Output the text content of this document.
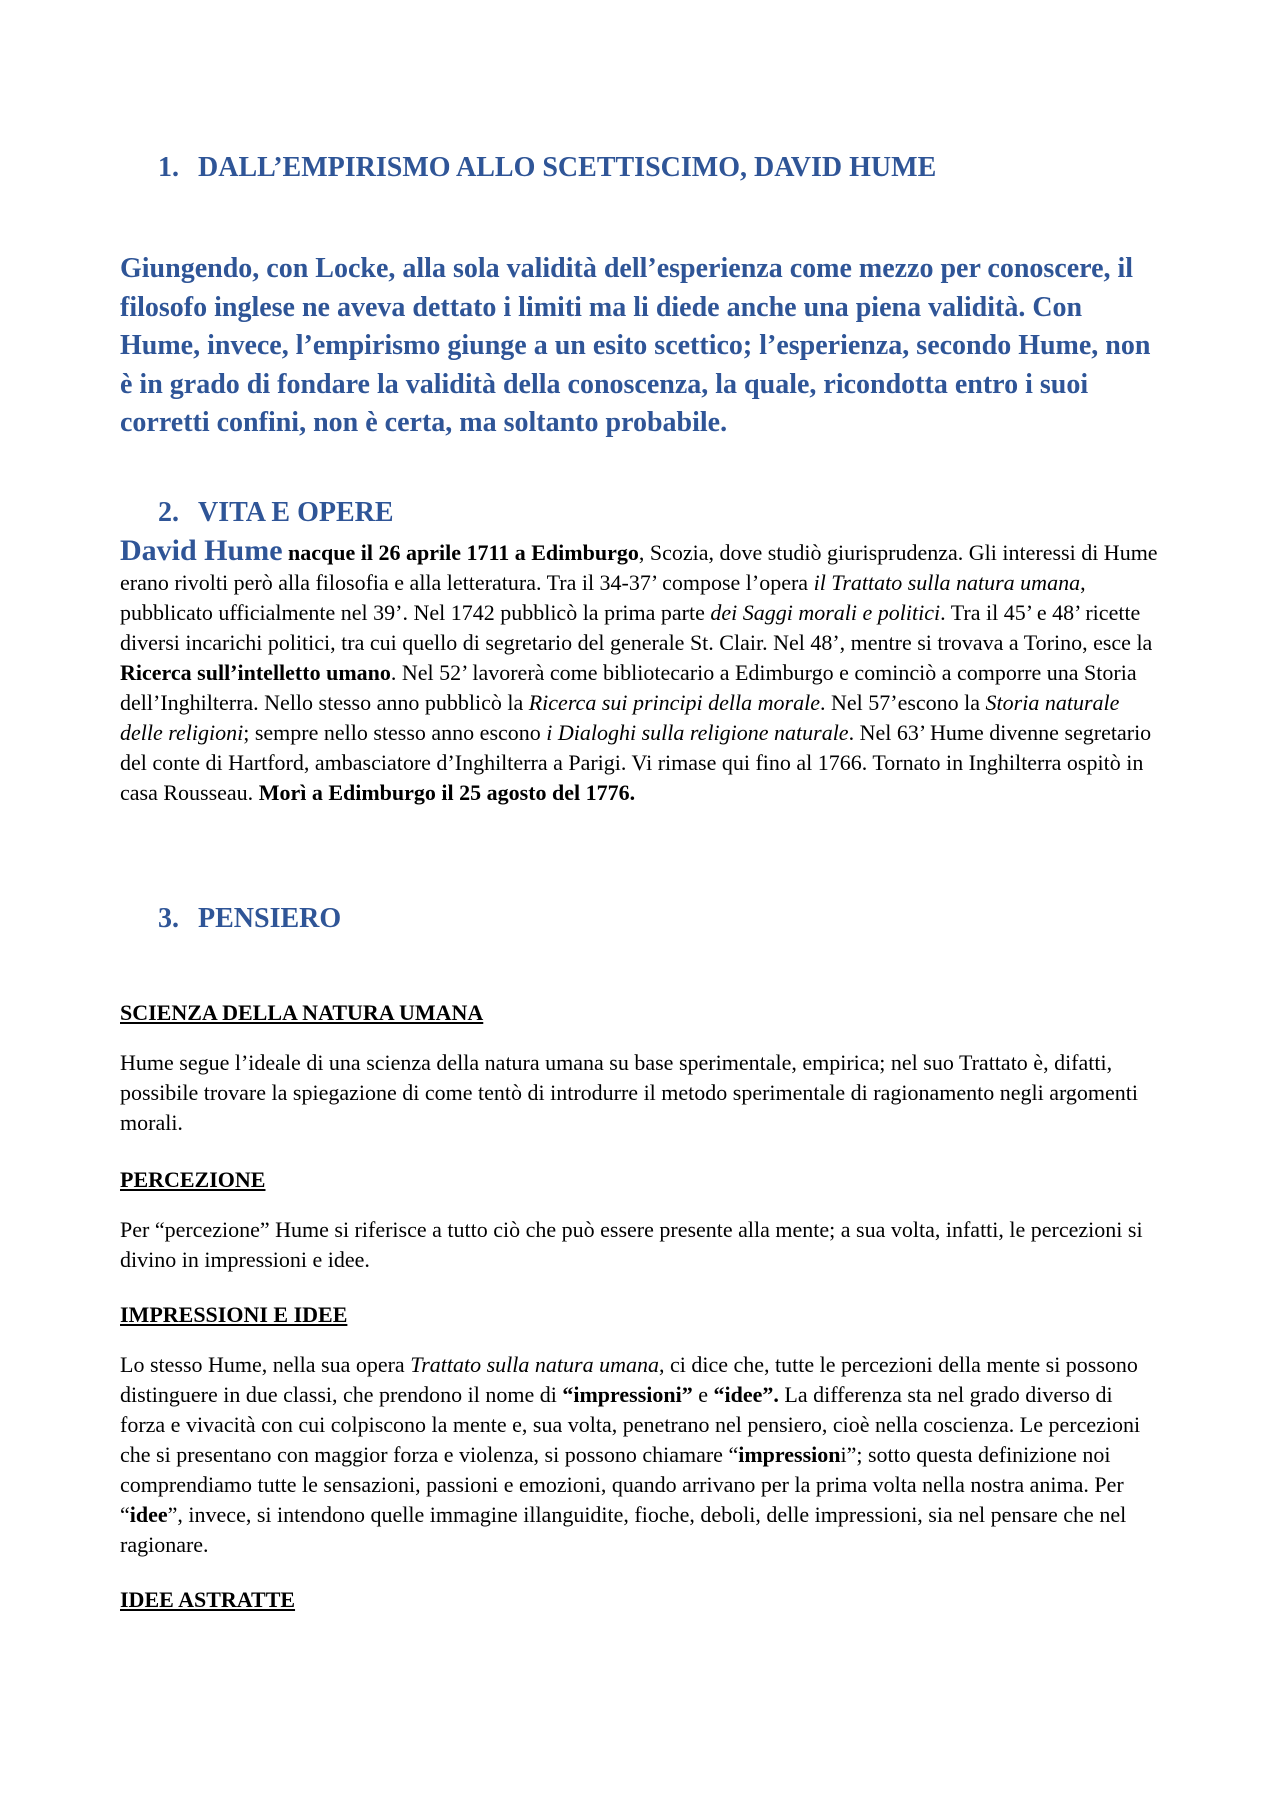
1. DALL’EMPIRISMO ALLO SCETTISCIMO, DAVID HUME

Giungendo, con Locke, alla sola validità dell’esperienza come mezzo per conoscere, il filosofo inglese ne aveva dettato i limiti ma li diede anche una piena validità. Con Hume, invece, l’empirismo giunge a un esito scettico; l’esperienza, secondo Hume, non è in grado di fondare la validità della conoscenza, la quale, ricondotta entro i suoi corretti confini, non è certa, ma soltanto probabile.

2. VITA E OPERE

David Hume nacque il 26 aprile 1711 a Edimburgo, Scozia, dove studiò giurisprudenza. Gli interessi di Hume erano rivolti però alla filosofia e alla letteratura. Tra il 34-37’ compose l’opera il Trattato sulla natura umana, pubblicato ufficialmente nel 39’. Nel 1742 pubblicò la prima parte dei Saggi morali e politici. Tra il 45’ e 48’ ricette diversi incarichi politici, tra cui quello di segretario del generale St. Clair. Nel 48’, mentre si trovava a Torino, esce la Ricerca sull’intelletto umano. Nel 52’ lavorerà come bibliotecario a Edimburgo e cominciò a comporre una Storia dell’Inghilterra. Nello stesso anno pubblicò la Ricerca sui principi della morale. Nel 57’escono la Storia naturale delle religioni; sempre nello stesso anno escono i Dialoghi sulla religione naturale. Nel 63’ Hume divenne segretario del conte di Hartford, ambasciatore d’Inghilterra a Parigi. Vi rimase qui fino al 1766. Tornato in Inghilterra ospitò in casa Rousseau. Morì a Edimburgo il 25 agosto del 1776.

3. PENSIERO

SCIENZA DELLA NATURA UMANA

Hume segue l’ideale di una scienza della natura umana su base sperimentale, empirica; nel suo Trattato è, difatti, possibile trovare la spiegazione di come tentò di introdurre il metodo sperimentale di ragionamento negli argomenti morali.

PERCEZIONE

Per “percezione” Hume si riferisce a tutto ciò che può essere presente alla mente; a sua volta, infatti, le percezioni si divino in impressioni e idee.

IMPRESSIONI E IDEE

Lo stesso Hume, nella sua opera Trattato sulla natura umana, ci dice che, tutte le percezioni della mente si possono distinguere in due classi, che prendono il nome di “impressioni” e “idee”. La differenza sta nel grado diverso di forza e vivacità con cui colpiscono la mente e, sua volta, penetrano nel pensiero, cioè nella coscienza. Le percezioni che si presentano con maggior forza e violenza, si possono chiamare “impressioni”; sotto questa definizione noi comprendiamo tutte le sensazioni, passioni e emozioni, quando arrivano per la prima volta nella nostra anima. Per “idee”, invece, si intendono quelle immagine illanguidite, fioche, deboli, delle impressioni, sia nel pensare che nel ragionare.

IDEE ASTRATTE
